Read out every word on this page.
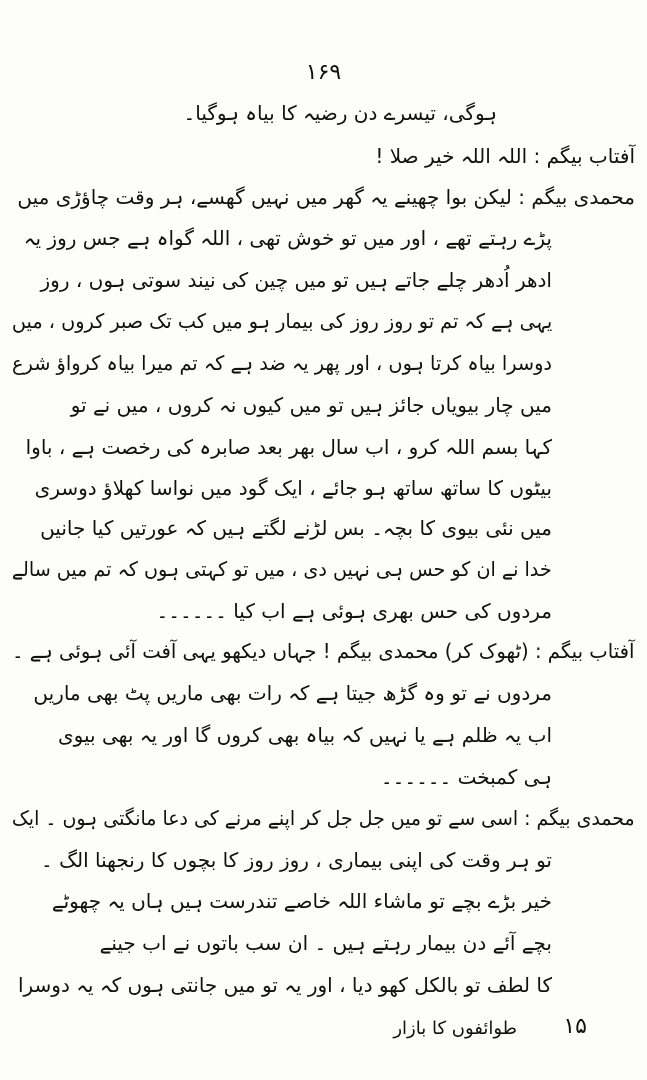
۱۶۹
ہوگی، تیسرے دن رضیہ کا بیاہ ہوگیا۔
آفتاب بیگم : اللہ اللہ خیر صلا !
محمدی بیگم : لیکن بوا چھینے یہ گھر میں نہیں گھسے، ہر وقت چاؤڑی میں
پڑے رہتے تھے ، اور میں تو خوش تھی ، اللہ گواہ ہے جس روز یہ
ادھر اُدھر چلے جاتے ہیں تو میں چین کی نیند سوتی ہوں ، روز
یہی ہے کہ تم تو روز روز کی بیمار ہو میں کب تک صبر کروں ، میں
دوسرا بیاہ کرتا ہوں ، اور پھر یہ ضد ہے کہ تم میرا بیاہ کرواؤ شرع
میں چار بیویاں جائز ہیں تو میں کیوں نہ کروں ، میں نے تو
کہا بسم اللہ کرو ، اب سال بھر بعد صابرہ کی رخصت ہے ، باوا
بیٹوں کا ساتھ ساتھ ہو جائے ، ایک گود میں نواسا کھلاؤ دوسری
میں نئی بیوی کا بچہ۔ بس لڑنے لگتے ہیں کہ عورتیں کیا جانیں
خدا نے ان کو حس ہی نہیں دی ، میں تو کہتی ہوں کہ تم میں سالے
مردوں کی حس بھری ہوئی ہے اب کیا ۔۔۔۔۔۔
آفتاب بیگم : (ٹھوک کر) محمدی بیگم ! جہاں دیکھو یہی آفت آئی ہوئی ہے ۔
مردوں نے تو وہ گڑھ جیتا ہے کہ رات بھی ماریں پٹ بھی ماریں
اب یہ ظلم ہے یا نہیں کہ بیاہ بھی کروں گا اور یہ بھی بیوی
ہی کمبخت ۔۔۔۔۔۔
محمدی بیگم : اسی سے تو میں جل جل کر اپنے مرنے کی دعا مانگتی ہوں ۔ ایک
تو ہر وقت کی اپنی بیماری ، روز روز کا بچوں کا رنجھنا الگ ۔
خیر بڑے بچے تو ماشاء اللہ خاصے تندرست ہیں ہاں یہ چھوٹے
بچے آئے دن بیمار رہتے ہیں ۔ ان سب باتوں نے اب جینے
کا لطف تو بالکل کھو دیا ، اور یہ تو میں جانتی ہوں کہ یہ دوسرا
۱۵
طوائفوں کا بازار
